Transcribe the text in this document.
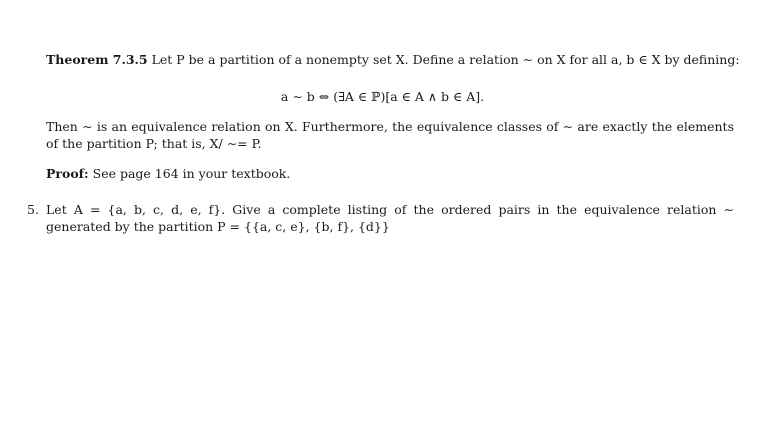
Theorem 7.3.5 Let P be a partition of a nonempty set X. Define a relation ∼ on X for all a, b ∈ X by defining:

a ∼ b ⇔ (∃A ∈ ℙ)[a ∈ A ∧ b ∈ A].

Then ∼ is an equivalence relation on X. Furthermore, the equivalence classes of ∼ are exactly the elements of the partition P; that is, X/ ∼= P.

Proof: See page 164 in your textbook.

5. Let A = {a, b, c, d, e, f}. Give a complete listing of the ordered pairs in the equivalence relation ∼ generated by the partition P = {{a, c, e}, {b, f}, {d}}
